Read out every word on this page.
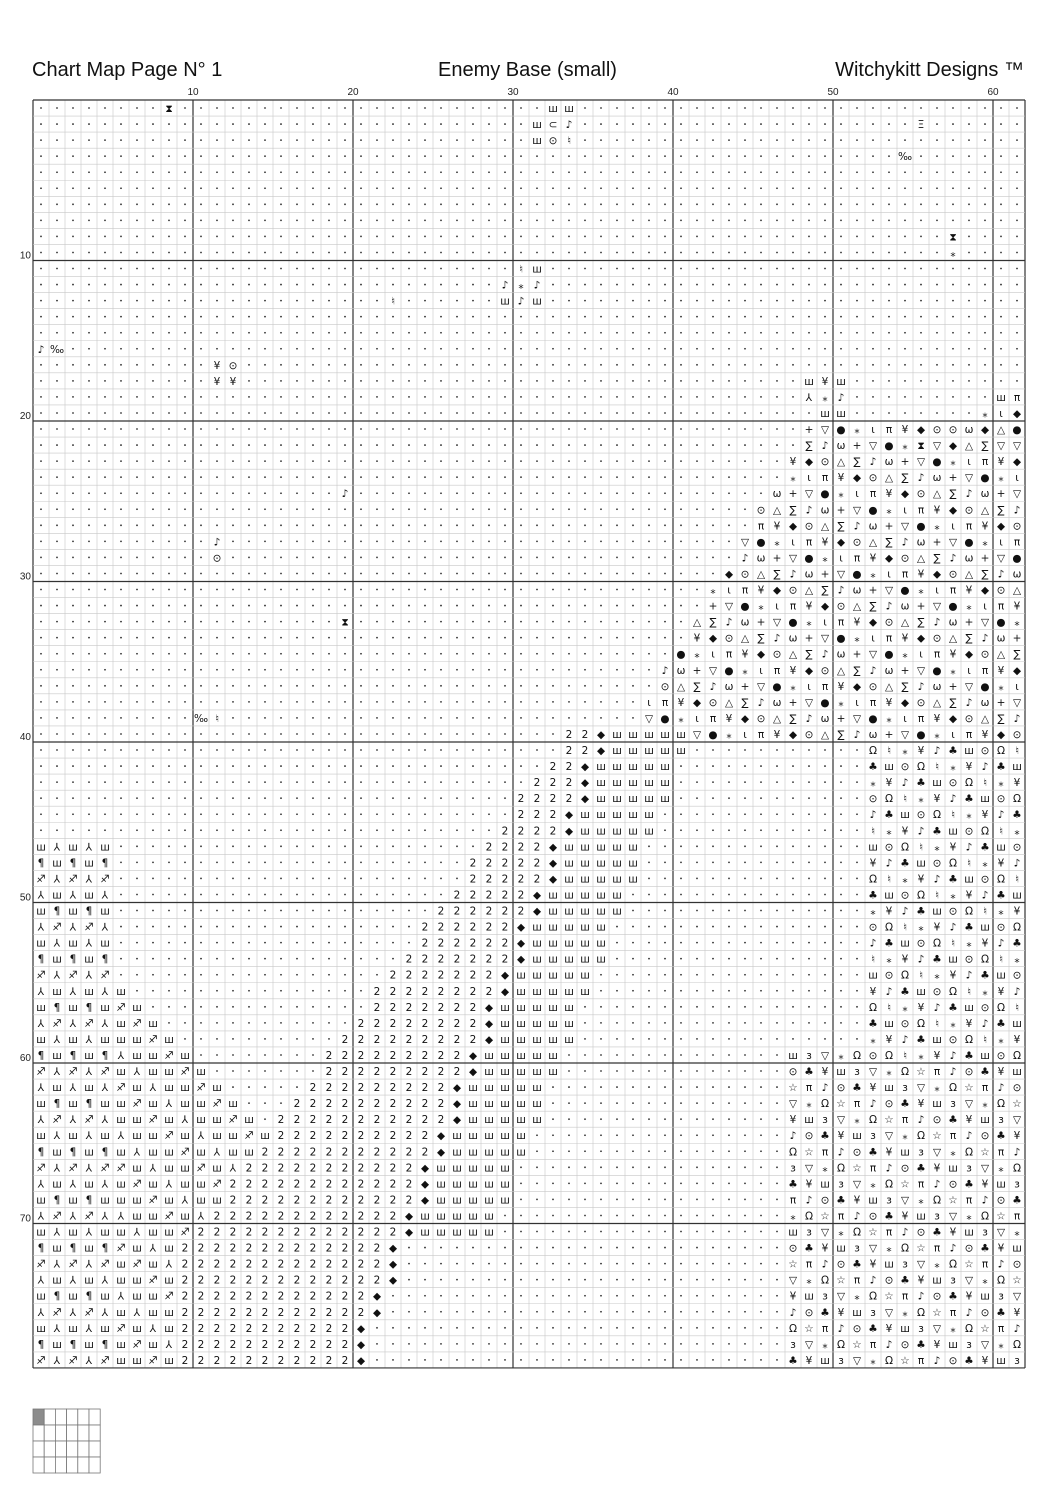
Chart Map Page N° 1	Enemy Base (small)	Witchykitt Designs ™
10	20	30	40	50	60
10
20
30
40
50
60
70
⧗	ш ш
ш ⊂ ♪	Ξ
ш ⊙ ♮
‰
⧗
⁎
♮ ш
♪ ⁎ ♪
♮	ш ♪ ш
♪ ‰
¥ ⊙
¥ ¥	ш ¥ ш
⅄ ⁎ ♪	ш π
ш ш	⁎ ɩ ◆
+ ▽ ● ⁎ ɩ π ¥ ◆ ⊙ ⊙ ω ◆ △ ●
∑ ♪ ω + ▽ ● ⁎ ⧗ ▽ ◆ △ ∑ ▽ ▽
¥ ◆ ⊙ △ ∑ ♪ ω + ▽ ● ⁎ ɩ π ¥ ◆
⁎ ɩ π ¥ ◆ ⊙ △ ∑ ♪ ω + ▽ ● ⁎ ɩ
♪	ω + ▽ ● ⁎ ɩ π ¥ ◆ ⊙ △ ∑ ♪ ω + ▽
⊙ △ ∑ ♪ ω + ▽ ● ⁎ ɩ π ¥ ◆ ⊙ △ ∑ ♪
π ¥ ◆ ⊙ △ ∑ ♪ ω + ▽ ● ⁎ ɩ π ¥ ◆ ⊙
♪	▽ ● ⁎ ɩ π ¥ ◆ ⊙ △ ∑ ♪ ω + ▽ ● ⁎ ɩ π
⊙	♪ ω + ▽ ● ⁎ ɩ π ¥ ◆ ⊙ △ ∑ ♪ ω + ▽ ●
◆ ⊙ △ ∑ ♪ ω + ▽ ● ⁎ ɩ π ¥ ◆ ⊙ △ ∑ ♪ ω
⁎ ɩ π ¥ ◆ ⊙ △ ∑ ♪ ω + ▽ ● ⁎ ɩ π ¥ ◆ ⊙ △
+ ▽ ● ⁎ ɩ π ¥ ◆ ⊙ △ ∑ ♪ ω + ▽ ● ⁎ ɩ π ¥
⧗	△ ∑ ♪ ω + ▽ ● ⁎ ɩ π ¥ ◆ ⊙ △ ∑ ♪ ω + ▽ ● ⁎
¥ ◆ ⊙ △ ∑ ♪ ω + ▽ ● ⁎ ɩ π ¥ ◆ ⊙ △ ∑ ♪ ω +
● ⁎ ɩ π ¥ ◆ ⊙ △ ∑ ♪ ω + ▽ ● ⁎ ɩ π ¥ ◆ ⊙ △ ∑
♪ ω + ▽ ● ⁎ ɩ π ¥ ◆ ⊙ △ ∑ ♪ ω + ▽ ● ⁎ ɩ π ¥ ◆
⊙ △ ∑ ♪ ω + ▽ ● ⁎ ɩ π ¥ ◆ ⊙ △ ∑ ♪ ω + ▽ ● ⁎ ɩ
ɩ π ¥ ◆ ⊙ △ ∑ ♪ ω + ▽ ● ⁎ ɩ π ¥ ◆ ⊙ △ ∑ ♪ ω + ▽
‰ ♮	▽ ● ⁎ ɩ π ¥ ◆ ⊙ △ ∑ ♪ ω + ▽ ● ⁎ ɩ π ¥ ◆ ⊙ △ ∑ ♪
2 2 ◆ ш ш ш ш ш ▽ ● ⁎ ɩ π ¥ ◆ ⊙ △ ∑ ♪ ω + ▽ ● ⁎ ɩ π ¥ ◆ ⊙
2 2 ◆ ш ш ш ш ш	Ω ♮ ⁎ ¥ ♪ ♣ ш ⊙ Ω ♮
2 2 ◆ ш ш ш ш ш	♣ ш ⊙ Ω ♮ ⁎ ¥ ♪ ♣ ш
2 2 2 ◆ ш ш ш ш ш	⁎ ¥ ♪ ♣ ш ⊙ Ω ♮ ⁎ ¥
2 2 2 2 ◆ ш ш ш ш ш	⊙ Ω ♮ ⁎ ¥ ♪ ♣ ш ⊙ Ω
2 2 2 ◆ ш ш ш ш ш	♪ ♣ ш ⊙ Ω ♮ ⁎ ¥ ♪ ♣
2 2 2 2 ◆ ш ш ш ш ш	♮ ⁎ ¥ ♪ ♣ ш ⊙ Ω ♮ ⁎
ш ⅄ ш ⅄ ш	2 2 2 2 ◆ ш ш ш ш ш	ш ⊙ Ω ♮ ⁎ ¥ ♪ ♣ ш ⊙
¶ ш ¶ ш ¶	2 2 2 2 2 ◆ ш ш ш ш ш	¥ ♪ ♣ ш ⊙ Ω ♮ ⁎ ¥ ♪
♐ ⅄ ♐ ⅄ ♐	2 2 2 2 2 ◆ ш ш ш ш ш	Ω ♮ ⁎ ¥ ♪ ♣ ш ⊙ Ω ♮
⅄ ш ⅄ ш ⅄	2 2 2 2 2 ◆ ш ш ш ш ш	♣ ш ⊙ Ω ♮ ⁎ ¥ ♪ ♣ ш
ш ¶ ш ¶ ш	2 2 2 2 2 2 ◆ ш ш ш ш ш	⁎ ¥ ♪ ♣ ш ⊙ Ω ♮ ⁎ ¥
⅄ ♐ ⅄ ♐ ⅄	2 2 2 2 2 2 ◆ ш ш ш ш ш	⊙ Ω ♮ ⁎ ¥ ♪ ♣ ш ⊙ Ω
ш ⅄ ш ⅄ ш	2 2 2 2 2 2 ◆ ш ш ш ш ш	♪ ♣ ш ⊙ Ω ♮ ⁎ ¥ ♪ ♣
¶ ш ¶ ш ¶	2 2 2 2 2 2 2 ◆ ш ш ш ш ш	♮ ⁎ ¥ ♪ ♣ ш ⊙ Ω ♮ ⁎
♐ ⅄ ♐ ⅄ ♐	2 2 2 2 2 2 2 ◆ ш ш ш ш ш	ш ⊙ Ω ♮ ⁎ ¥ ♪ ♣ ш ⊙
⅄ ш ⅄ ш ⅄ ш	2 2 2 2 2 2 2 2 ◆ ш ш ш ш ш	¥ ♪ ♣ ш ⊙ Ω ♮ ⁎ ¥ ♪
ш ¶ ш ¶ ш ♐ ш	2 2 2 2 2 2 2 ◆ ш ш ш ш ш	Ω ♮ ⁎ ¥ ♪ ♣ ш ⊙ Ω ♮
⅄ ♐ ⅄ ♐ ⅄ ш ♐ ш	2 2 2 2 2 2 2 2 ◆ ш ш ш ш ш	♣ ш ⊙ Ω ♮ ⁎ ¥ ♪ ♣ ш
ш ⅄ ш ⅄ ш ш ш ♐ ш	2 2 2 2 2 2 2 2 2 ◆ ш ш ш ш ш	⁎ ¥ ♪ ♣ ш ⊙ Ω ♮ ⁎ ¥
¶ ш ¶ ш ¶ ⅄ ш ш ♐ ш	2 2 2 2 2 2 2 2 2 ◆ ш ш ш ш ш	ш ɜ ▽ ⁎ Ω ⊙ Ω ♮ ⁎ ¥ ♪ ♣ ш ⊙ Ω
♐ ⅄ ♐ ⅄ ♐ ш ⅄ ш ш ♐ ш	2 2 2 2 2 2 2 2 2 ◆ ш ш ш ш ш	⊙ ♣ ¥ ш ɜ ▽ ⁎ Ω ☆ π ♪ ⊙ ♣ ¥ ш
⅄ ш ⅄ ш ⅄ ♐ ш ⅄ ш ш ♐ ш	2 2 2 2 2 2 2 2 2 ◆ ш ш ш ш ш	☆ π ♪ ⊙ ♣ ¥ ш ɜ ▽ ⁎ Ω ☆ π ♪ ⊙
ш ¶ ш ¶ ш ш ♐ ш ⅄ ш ш ♐ ш	2 2 2 2 2 2 2 2 2 2 ◆ ш ш ш ш ш	▽ ⁎ Ω ☆ π ♪ ⊙ ♣ ¥ ш ɜ ▽ ⁎ Ω ☆
⅄ ♐ ⅄ ♐ ⅄ ш ш ♐ ш ⅄ ш ш ♐ ш 2 2 2 2 2 2 2 2 2 2 2 ◆ ш ш ш ш ш	¥ ш ɜ ▽ ⁎ Ω ☆ π ♪ ⊙ ♣ ¥ ш ɜ ▽
ш ⅄ ш ⅄ ш ⅄ ш ш ♐ ш ⅄ ш ш ♐ ш 2 2 2 2 2 2 2 2 2 2 ◆ ш ш ш ш ш	♪ ⊙ ♣ ¥ ш ɜ ▽ ⁎ Ω ☆ π ♪ ⊙ ♣ ¥
¶ ш ¶ ш ¶ ш ⅄ ш ш ♐ ш ⅄ ш ш 2 2 2 2 2 2 2 2 2 2 2 ◆ ш ш ш ш ш	Ω ☆ π ♪ ⊙ ♣ ¥ ш ɜ ▽ ⁎ Ω ☆ π ♪
♐ ⅄ ♐ ⅄ ♐ ♐ ш ⅄ ш ш ♐ ш ⅄ 2 2 2 2 2 2 2 2 2 2 2 ◆ ш ш ш ш ш	ɜ ▽ ⁎ Ω ☆ π ♪ ⊙ ♣ ¥ ш ɜ ▽ ⁎ Ω
⅄ ш ⅄ ш ⅄ ш ♐ ш ⅄ ш ш ♐ 2 2 2 2 2 2 2 2 2 2 2 2 ◆ ш ш ш ш ш	♣ ¥ ш ɜ ▽ ⁎ Ω ☆ π ♪ ⊙ ♣ ¥ ш ɜ
ш ¶ ш ¶ ш ш ш ♐ ш ⅄ ш ш 2 2 2 2 2 2 2 2 2 2 2 2 ◆ ш ш ш ш ш	π ♪ ⊙ ♣ ¥ ш ɜ ▽ ⁎ Ω ☆ π ♪ ⊙ ♣
⅄ ♐ ⅄ ♐ ⅄ ⅄ ш ш ♐ ш ⅄ 2 2 2 2 2 2 2 2 2 2 2 2 ◆ ш ш ш ш ш	⁎ Ω ☆ π ♪ ⊙ ♣ ¥ ш ɜ ▽ ⁎ Ω ☆ π
ш ⅄ ш ⅄ ш ш ⅄ ш ш ♐ 2 2 2 2 2 2 2 2 2 2 2 2 2 ◆ ш ш ш ш ш	ш ɜ ▽ ⁎ Ω ☆ π ♪ ⊙ ♣ ¥ ш ɜ ▽ ⁎
¶ ш ¶ ш ¶ ♐ ш ⅄ ш 2 2 2 2 2 2 2 2 2 2 2 2 2 ◆	⊙ ♣ ¥ ш ɜ ▽ ⁎ Ω ☆ π ♪ ⊙ ♣ ¥ ш
♐ ⅄ ♐ ⅄ ♐ ш ♐ ш ⅄ 2 2 2 2 2 2 2 2 2 2 2 2 2 ◆	☆ π ♪ ⊙ ♣ ¥ ш ɜ ▽ ⁎ Ω ☆ π ♪ ⊙
⅄ ш ⅄ ш ⅄ ш ш ♐ ш 2 2 2 2 2 2 2 2 2 2 2 2 2 ◆	▽ ⁎ Ω ☆ π ♪ ⊙ ♣ ¥ ш ɜ ▽ ⁎ Ω ☆
ш ¶ ш ¶ ш ⅄ ш ш ♐ 2 2 2 2 2 2 2 2 2 2 2 2 ◆	¥ ш ɜ ▽ ⁎ Ω ☆ π ♪ ⊙ ♣ ¥ ш ɜ ▽
⅄ ♐ ⅄ ♐ ⅄ ш ⅄ ш ш 2 2 2 2 2 2 2 2 2 2 2 2 ◆	♪ ⊙ ♣ ¥ ш ɜ ▽ ⁎ Ω ☆ π ♪ ⊙ ♣ ¥
ш ⅄ ш ⅄ ш ♐ ш ⅄ ш 2 2 2 2 2 2 2 2 2 2 2 ◆	Ω ☆ π ♪ ⊙ ♣ ¥ ш ɜ ▽ ⁎ Ω ☆ π ♪
¶ ш ¶ ш ¶ ш ♐ ш ⅄ 2 2 2 2 2 2 2 2 2 2 2 ◆	ɜ ▽ ⁎ Ω ☆ π ♪ ⊙ ♣ ¥ ш ɜ ▽ ⁎ Ω
♐ ⅄ ♐ ⅄ ♐ ш ш ♐ ш 2 2 2 2 2 2 2 2 2 2 2 ◆	♣ ¥ ш ɜ ▽ ⁎ Ω ☆ π ♪ ⊙ ♣ ¥ ш ɜ
